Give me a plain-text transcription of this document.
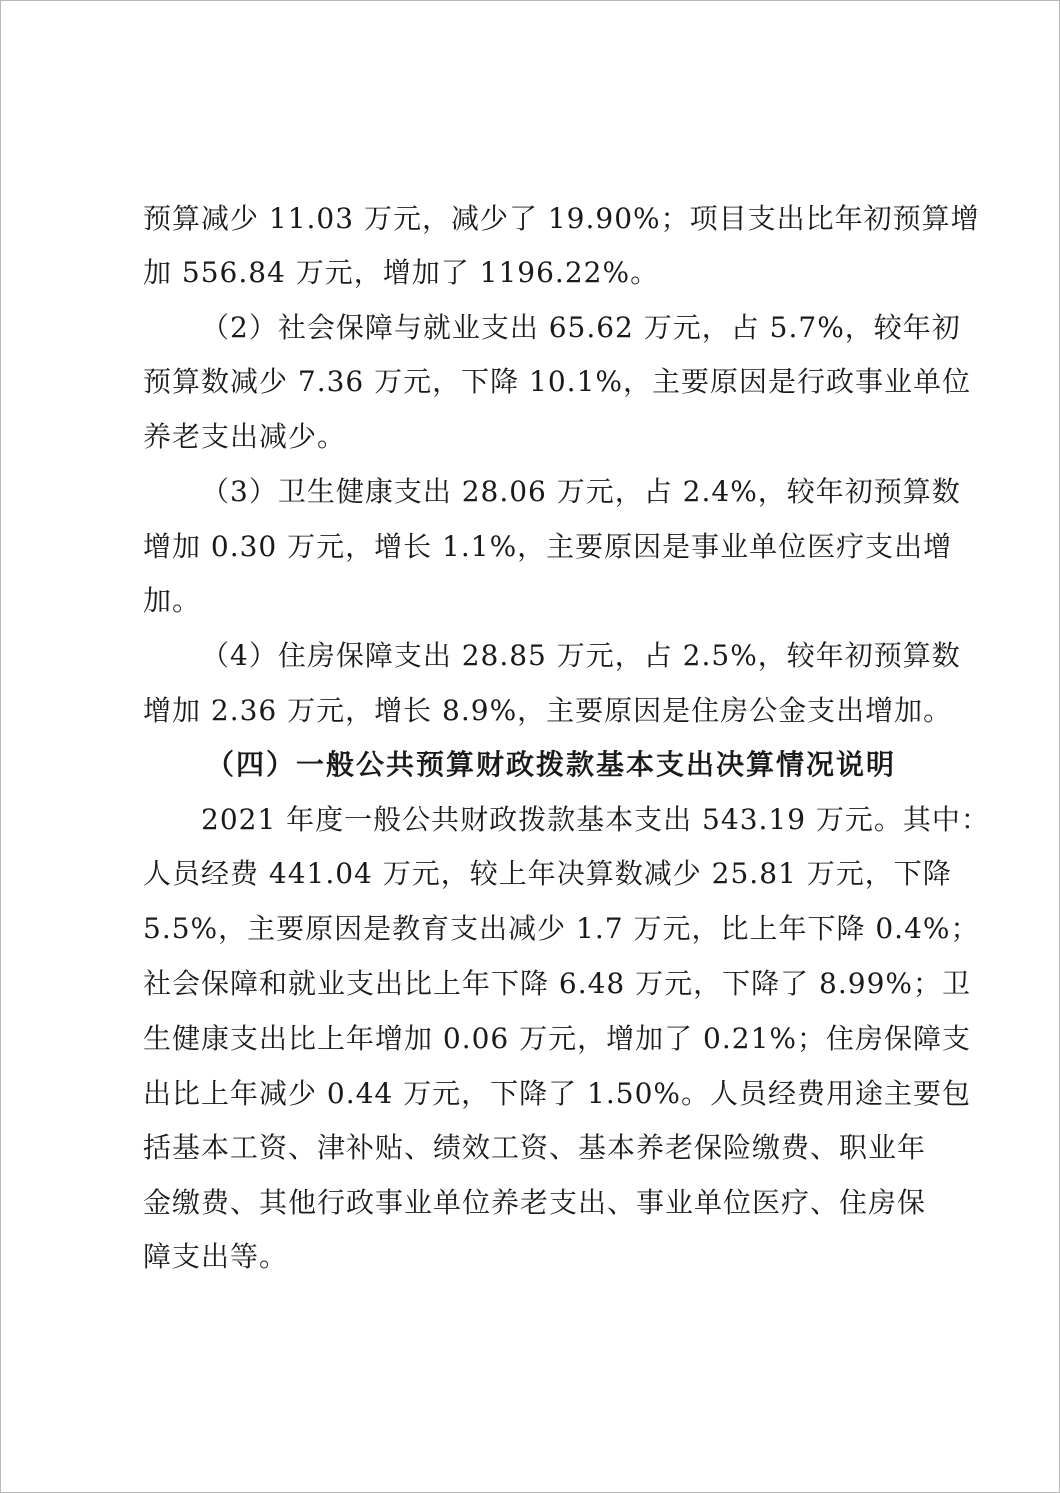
预算减少 11.03 万元，减少了 19.90%；项目支出比年初预算增
加 556.84 万元，增加了 1196.22%。
（2）社会保障与就业支出 65.62 万元，占 5.7%，较年初
预算数减少 7.36 万元，下降 10.1%，主要原因是行政事业单位
养老支出减少。
（3）卫生健康支出 28.06 万元，占 2.4%，较年初预算数
增加 0.30 万元，增长 1.1%，主要原因是事业单位医疗支出增
加。
（4）住房保障支出 28.85 万元，占 2.5%，较年初预算数
增加 2.36 万元，增长 8.9%，主要原因是住房公金支出增加。
（四）一般公共预算财政拨款基本支出决算情况说明
2021 年度一般公共财政拨款基本支出 543.19 万元。其中：
人员经费 441.04 万元，较上年决算数减少 25.81 万元，下降
5.5%，主要原因是教育支出减少 1.7 万元，比上年下降 0.4%；
社会保障和就业支出比上年下降 6.48 万元，下降了 8.99%；卫
生健康支出比上年增加 0.06 万元，增加了 0.21%；住房保障支
出比上年减少 0.44 万元，下降了 1.50%。人员经费用途主要包
括基本工资、津补贴、绩效工资、基本养老保险缴费、职业年
金缴费、其他行政事业单位养老支出、事业单位医疗、住房保
障支出等。
